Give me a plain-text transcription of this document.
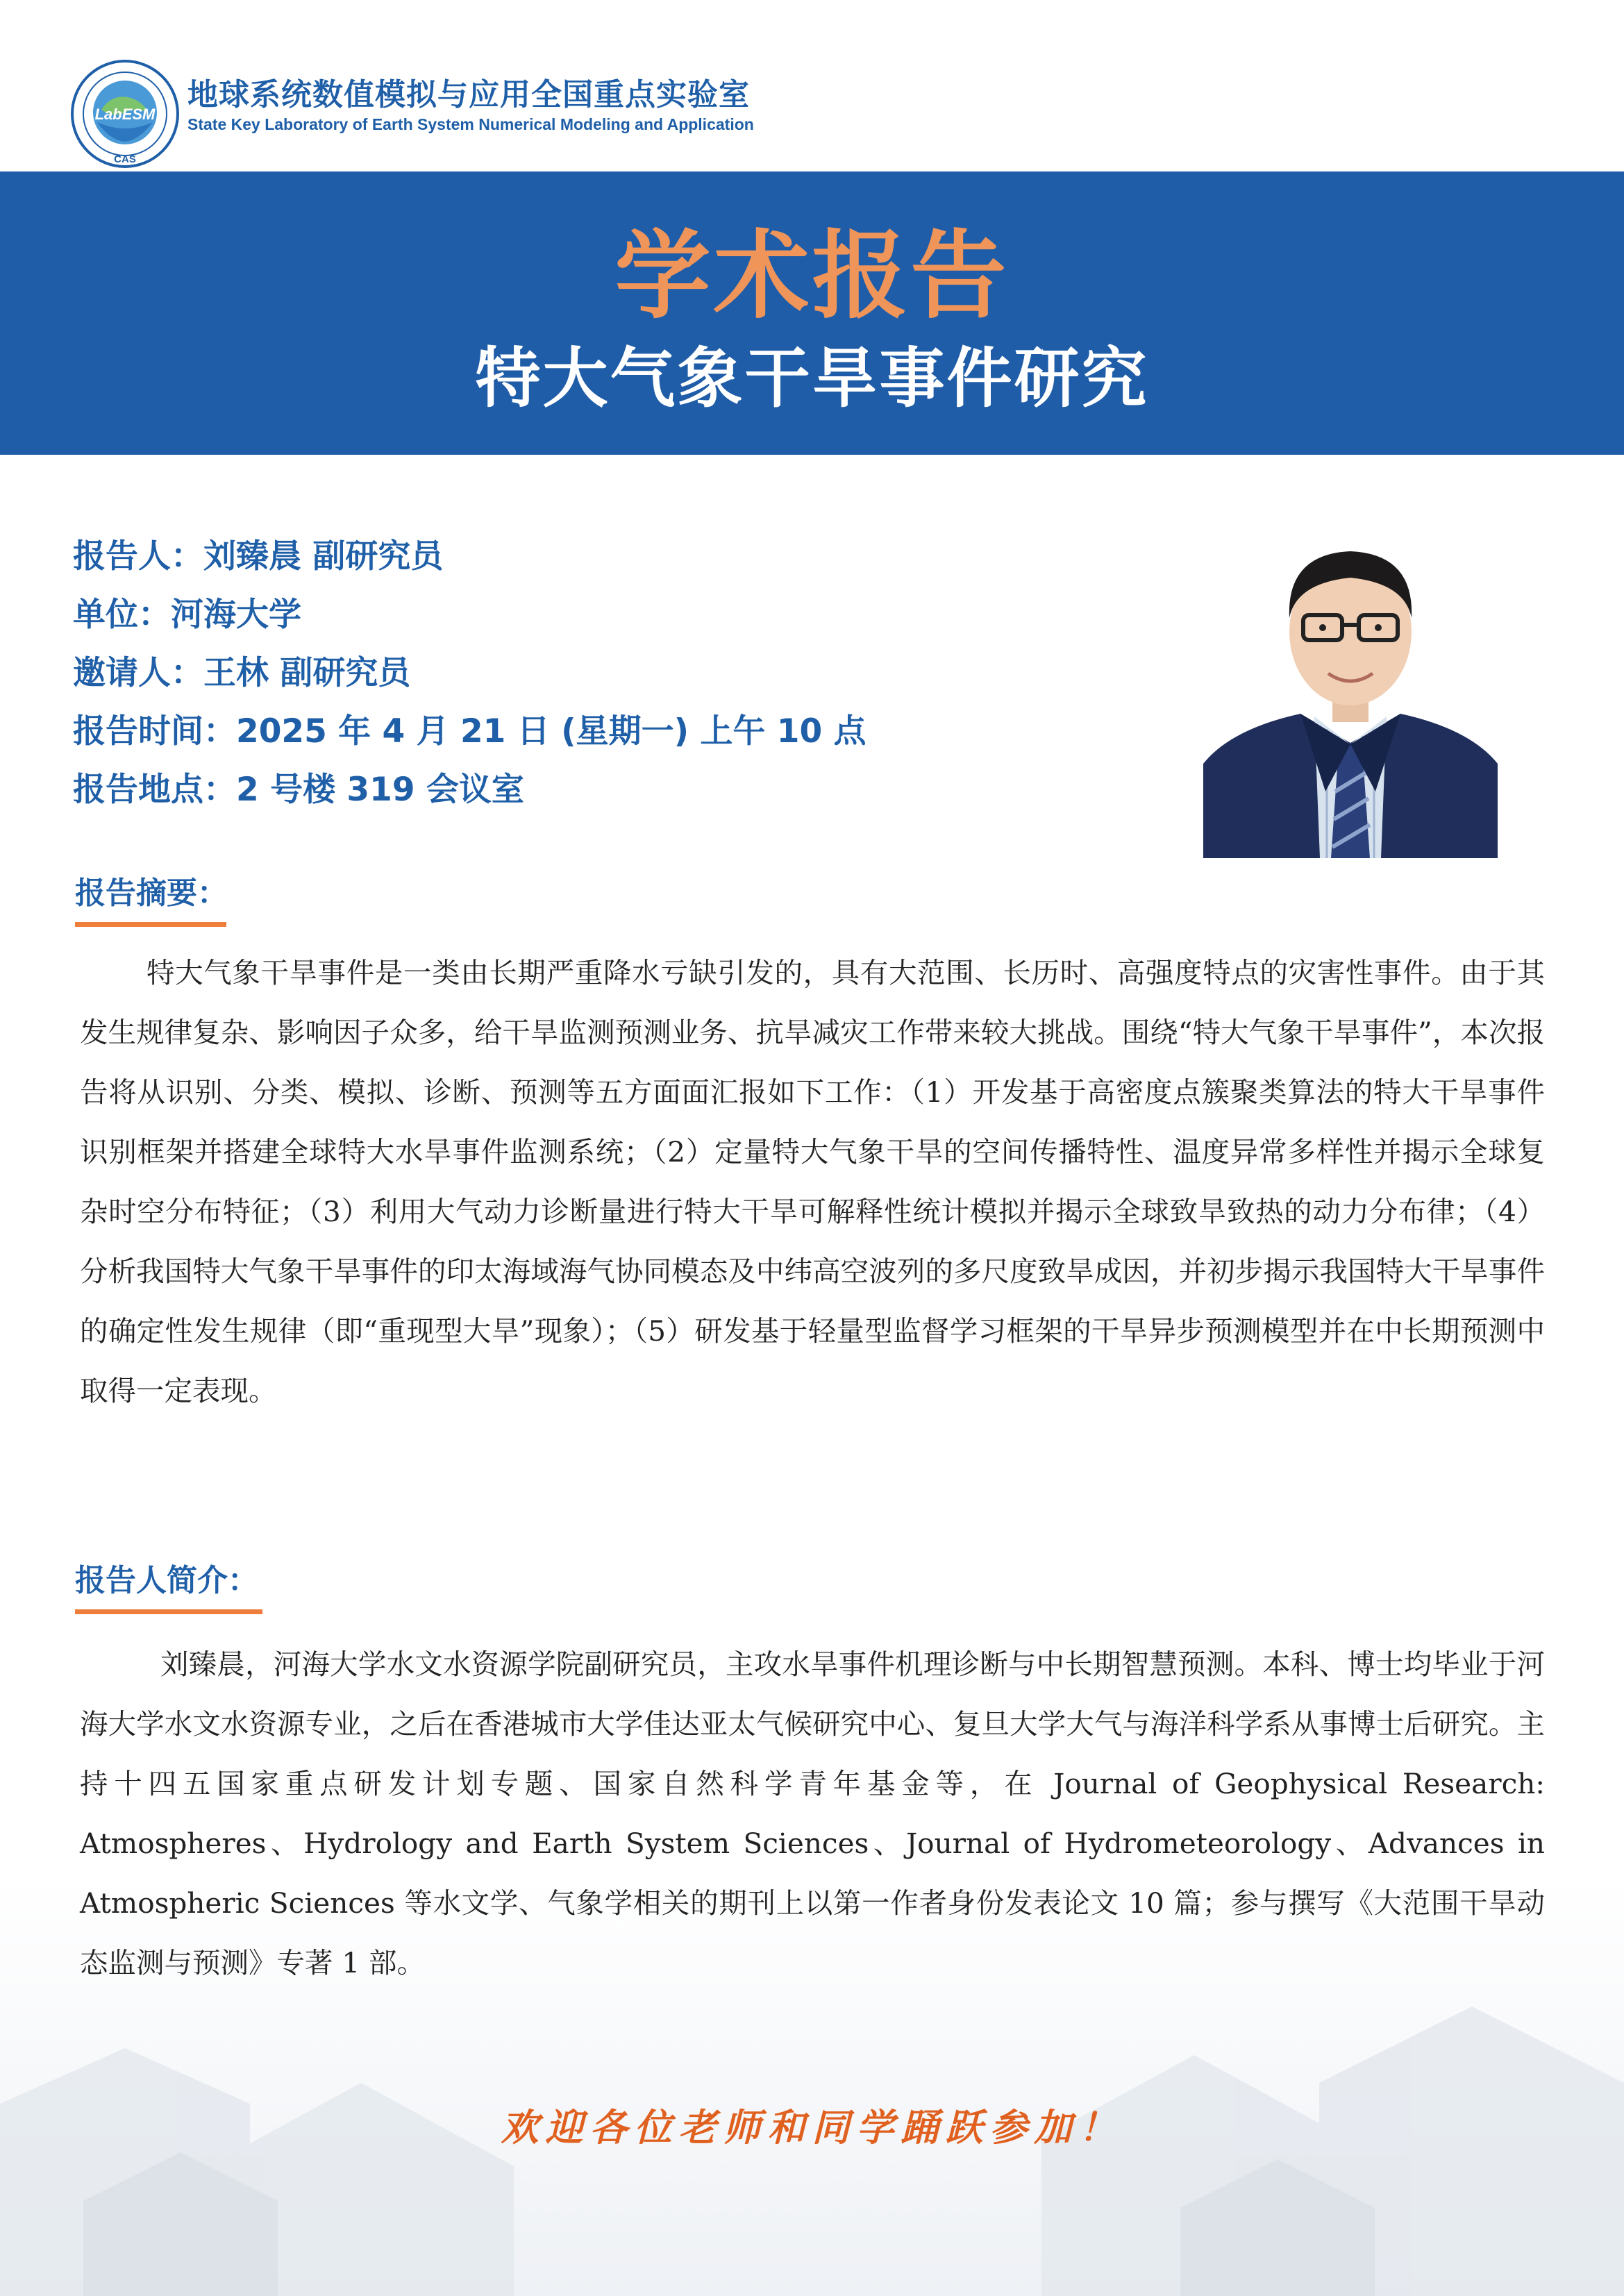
LabESM
CAS
地球系统数值模拟与应用全国重点实验室
State Key Laboratory of Earth System Numerical Modeling and Application
学术报告
特大气象干旱事件研究
报告人：刘臻晨 副研究员
单位：河海大学
邀请人：王林 副研究员
报告时间：2025 年 4 月 21 日 (星期一) 上午 10 点
报告地点：2 号楼 319 会议室
报告摘要：
特大气象干旱事件是一类由长期严重降水亏缺引发的，具有大范围、长历时、高强度特点的灾害性事件。由于其发生规律复杂、影响因子众多，给干旱监测预测业务、抗旱减灾工作带来较大挑战。围绕“特大气象干旱事件”，本次报告将从识别、分类、模拟、诊断、预测等五方面面汇报如下工作：（1）开发基于高密度点簇聚类算法的特大干旱事件识别框架并搭建全球特大水旱事件监测系统；（2）定量特大气象干旱的空间传播特性、温度异常多样性并揭示全球复杂时空分布特征；（3）利用大气动力诊断量进行特大干旱可解释性统计模拟并揭示全球致旱致热的动力分布律；（4）分析我国特大气象干旱事件的印太海域海气协同模态及中纬高空波列的多尺度致旱成因，并初步揭示我国特大干旱事件的确定性发生规律（即“重现型大旱”现象）；（5）研发基于轻量型监督学习框架的干旱异步预测模型并在中长期预测中取得一定表现。
报告人简介：
刘臻晨，河海大学水文水资源学院副研究员，主攻水旱事件机理诊断与中长期智慧预测。本科、博士均毕业于河海大学水文水资源专业，之后在香港城市大学佳达亚太气候研究中心、复旦大学大气与海洋科学系从事博士后研究。主持十四五国家重点研发计划专题、国家自然科学青年基金等，在 Journal of Geophysical Research: Atmospheres、Hydrology and Earth System Sciences、Journal of Hydrometeorology、Advances in Atmospheric Sciences 等水文学、气象学相关的期刊上以第一作者身份发表论文 10 篇；参与撰写《大范围干旱动态监测与预测》专著 1 部。
欢迎各位老师和同学踊跃参加！
